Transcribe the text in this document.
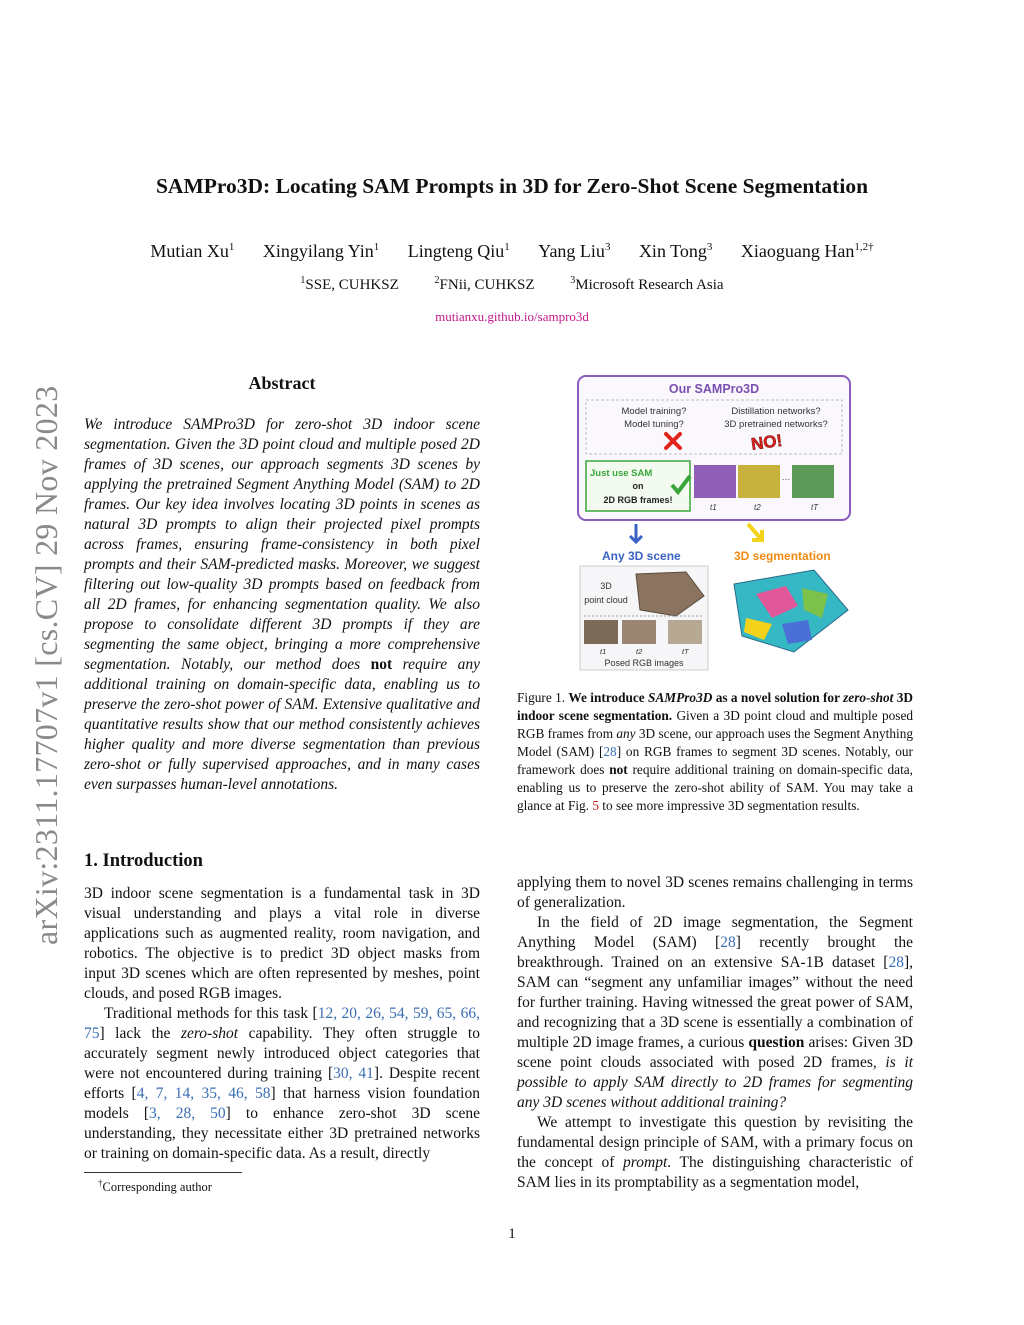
SAMPro3D: Locating SAM Prompts in 3D for Zero-Shot Scene Segmentation
Mutian Xu$^1$ Xingyilang Yin$^1$ Lingteng Qiu$^1$ Yang Liu$^3$ Xin Tong$^3$ Xiaoguang Han$^{1,2\dagger}$
$^1$SSE, CUHKSZ	$^2$FNii, CUHKSZ	$^3$Microsoft Research Asia
mutianxu.github.io/sampro3d
arXiv:2311.17707v1 [cs.CV] 29 Nov 2023
Abstract
We introduce SAMPro3D for zero-shot 3D indoor scene segmentation. Given the 3D point cloud and multiple posed 2D frames of 3D scenes, our approach segments 3D scenes by applying the pretrained Segment Anything Model (SAM) to 2D frames. Our key idea involves locating 3D points in scenes as natural 3D prompts to align their projected pixel prompts across frames, ensuring frame-consistency in both pixel prompts and their SAM-predicted masks. Moreover, we suggest filtering out low-quality 3D prompts based on feedback from all 2D frames, for enhancing segmentation quality. We also propose to consolidate different 3D prompts if they are segmenting the same object, bringing a more comprehensive segmentation. Notably, our method does not require any additional training on domain-specific data, enabling us to preserve the zero-shot power of SAM. Extensive qualitative and quantitative results show that our method consistently achieves higher quality and more diverse segmentation than previous zero-shot or fully supervised approaches, and in many cases even surpasses human-level annotations.
1. Introduction

3D indoor scene segmentation is a fundamental task in 3D visual understanding and plays a vital role in diverse applications such as augmented reality, room navigation, and robotics. The objective is to predict 3D object masks from input 3D scenes which are often represented by meshes, point clouds, and posed RGB images.

Traditional methods for this task [12, 20, 26, 54, 59, 65, 66, 75] lack the zero-shot capability. They often struggle to accurately segment newly introduced object categories that were not encountered during training [30, 41]. Despite recent efforts [4, 7, 14, 35, 46, 58] that harness vision foundation models [3, 28, 50] to enhance zero-shot 3D scene understanding, they necessitate either 3D pretrained networks or training on domain-specific data. As a result, directly

Our SAMPro3D
Model training?
Model tuning?
Distillation networks?
3D pretrained networks?
NO!
Just use SAM
on
2D RGB frames!
…
t1	t2	tT
Any 3D scene	3D segmentation
3D
point cloud
t1	t2	tT
Posed RGB images
Figure 1. We introduce SAMPro3D as a novel solution for zero-shot 3D indoor scene segmentation. Given a 3D point cloud and multiple posed RGB frames from any 3D scene, our approach uses the Segment Anything Model (SAM) [28] on RGB frames to segment 3D scenes. Notably, our framework does not require additional training on domain-specific data, enabling us to preserve the zero-shot ability of SAM. You may take a glance at Fig. 5 to see more impressive 3D segmentation results.

applying them to novel 3D scenes remains challenging in terms of generalization.

In the field of 2D image segmentation, the Segment Anything Model (SAM) [28] recently brought the breakthrough. Trained on an extensive SA-1B dataset [28], SAM can “segment any unfamiliar images” without the need for further training. Having witnessed the great power of SAM, and recognizing that a 3D scene is essentially a combination of multiple 2D image frames, a curious question arises: Given 3D scene point clouds associated with posed 2D frames, is it possible to apply SAM directly to 2D frames for segmenting any 3D scenes without additional training?

We attempt to investigate this question by revisiting the fundamental design principle of SAM, with a primary focus on the concept of prompt. The distinguishing characteristic of SAM lies in its promptability as a segmentation model,

†Corresponding author
1
